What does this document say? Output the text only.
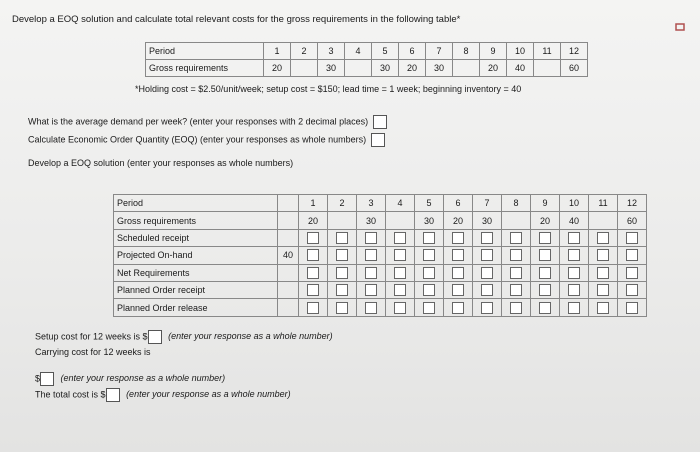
Develop a EOQ solution and calculate total relevant costs for the gross requirements in the following table*
Period	1	2	3	4	5	6	7	8	9	10	11	12
Gross requirements	20		30		30	20	30		20	40		60
*Holding cost = $2.50/unit/week; setup cost = $150; lead time = 1 week; beginning inventory = 40
What is the average demand per week? (enter your responses with 2 decimal places)
Calculate Economic Order Quantity (EOQ) (enter your responses as whole numbers)
Develop a EOQ solution (enter your responses as whole numbers)
Period		1	2	3	4	5	6	7	8	9	10	11	12
Gross requirements		20		30		30	20	30		20	40		60
Scheduled receipt													
Projected On-hand	40												
Net Requirements													
Planned Order receipt													
Planned Order release													
Setup cost for 12 weeks is $ (enter your response as a whole number)
Carrying cost for 12 weeks is
$ (enter your response as a whole number)
The total cost is $ (enter your response as a whole number)
